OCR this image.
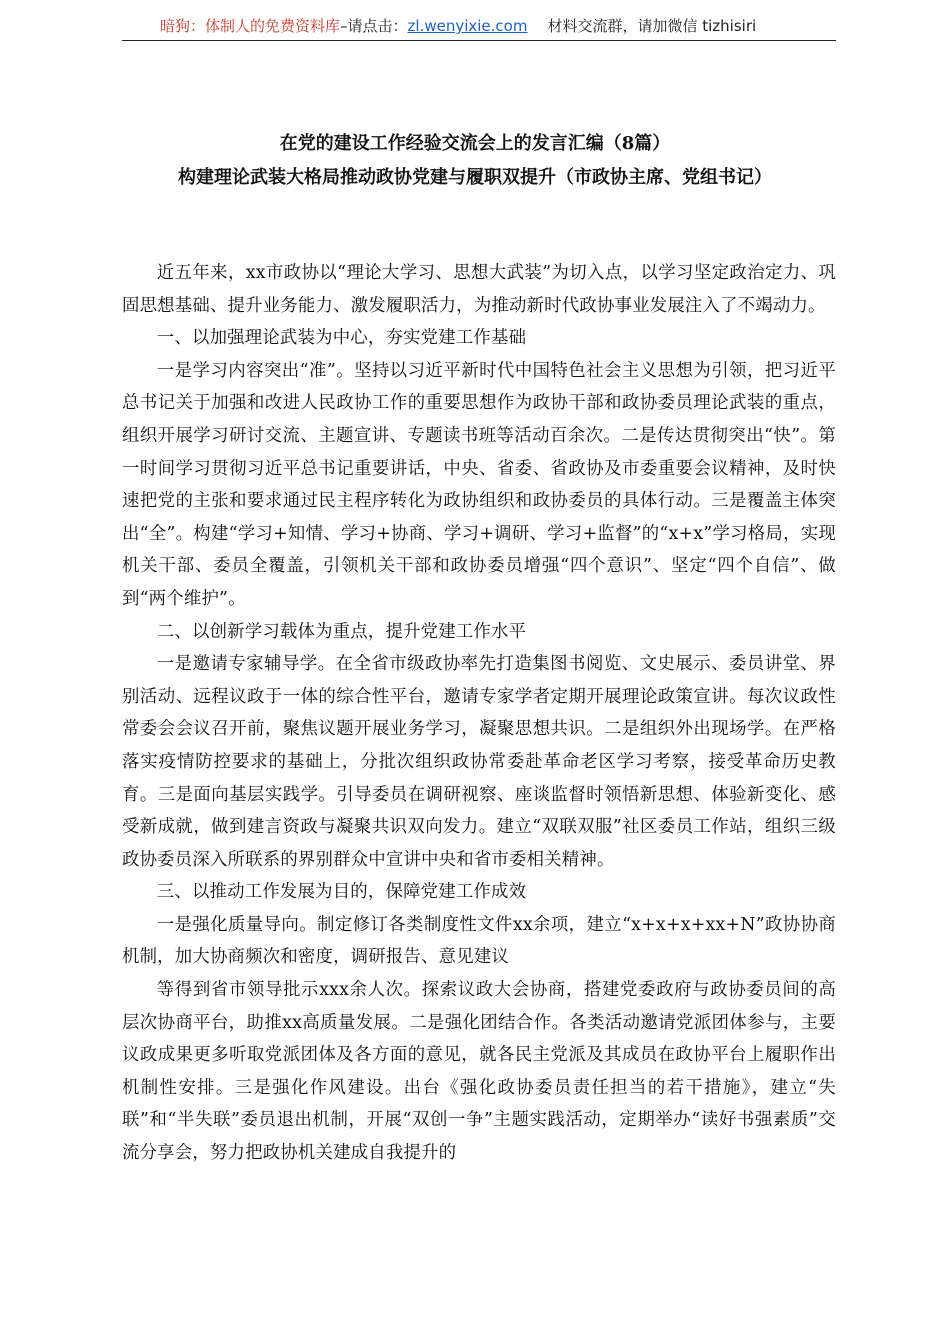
暗狗：体制人的免费资料库–请点击：zl.wenyixie.com 材料交流群，请加微信 tizhisiri
在党的建设工作经验交流会上的发言汇编（8篇）
构建理论武装大格局推动政协党建与履职双提升（市政协主席、党组书记）

近五年来，xx市政协以“理论大学习、思想大武装”为切入点，以学习坚定政治定力、巩固思想基础、提升业务能力、激发履职活力，为推动新时代政协事业发展注入了不竭动力。

一、以加强理论武装为中心，夯实党建工作基础

一是学习内容突出“准”。坚持以习近平新时代中国特色社会主义思想为引领，把习近平总书记关于加强和改进人民政协工作的重要思想作为政协干部和政协委员理论武装的重点，组织开展学习研讨交流、主题宣讲、专题读书班等活动百余次。二是传达贯彻突出“快”。第一时间学习贯彻习近平总书记重要讲话，中央、省委、省政协及市委重要会议精神，及时快速把党的主张和要求通过民主程序转化为政协组织和政协委员的具体行动。三是覆盖主体突出“全”。构建“学习+知情、学习+协商、学习+调研、学习+监督”的“x+x”学习格局，实现机关干部、委员全覆盖，引领机关干部和政协委员增强“四个意识”、坚定“四个自信”、做到“两个维护”。

二、以创新学习载体为重点，提升党建工作水平

一是邀请专家辅导学。在全省市级政协率先打造集图书阅览、文史展示、委员讲堂、界别活动、远程议政于一体的综合性平台，邀请专家学者定期开展理论政策宣讲。每次议政性常委会会议召开前，聚焦议题开展业务学习，凝聚思想共识。二是组织外出现场学。在严格落实疫情防控要求的基础上，分批次组织政协常委赴革命老区学习考察，接受革命历史教育。三是面向基层实践学。引导委员在调研视察、座谈监督时领悟新思想、体验新变化、感受新成就，做到建言资政与凝聚共识双向发力。建立“双联双服”社区委员工作站，组织三级政协委员深入所联系的界别群众中宣讲中央和省市委相关精神。

三、以推动工作发展为目的，保障党建工作成效

一是强化质量导向。制定修订各类制度性文件xx余项，建立“x+x+x+xx+N”政协协商机制，加大协商频次和密度，调研报告、意见建议

等得到省市领导批示xxx余人次。探索议政大会协商，搭建党委政府与政协委员间的高层次协商平台，助推xx高质量发展。二是强化团结合作。各类活动邀请党派团体参与，主要议政成果更多听取党派团体及各方面的意见，就各民主党派及其成员在政协平台上履职作出机制性安排。三是强化作风建设。出台《强化政协委员责任担当的若干措施》，建立“失联”和“半失联”委员退出机制，开展“双创一争”主题实践活动，定期举办“读好书强素质”交流分享会，努力把政协机关建成自我提升的
